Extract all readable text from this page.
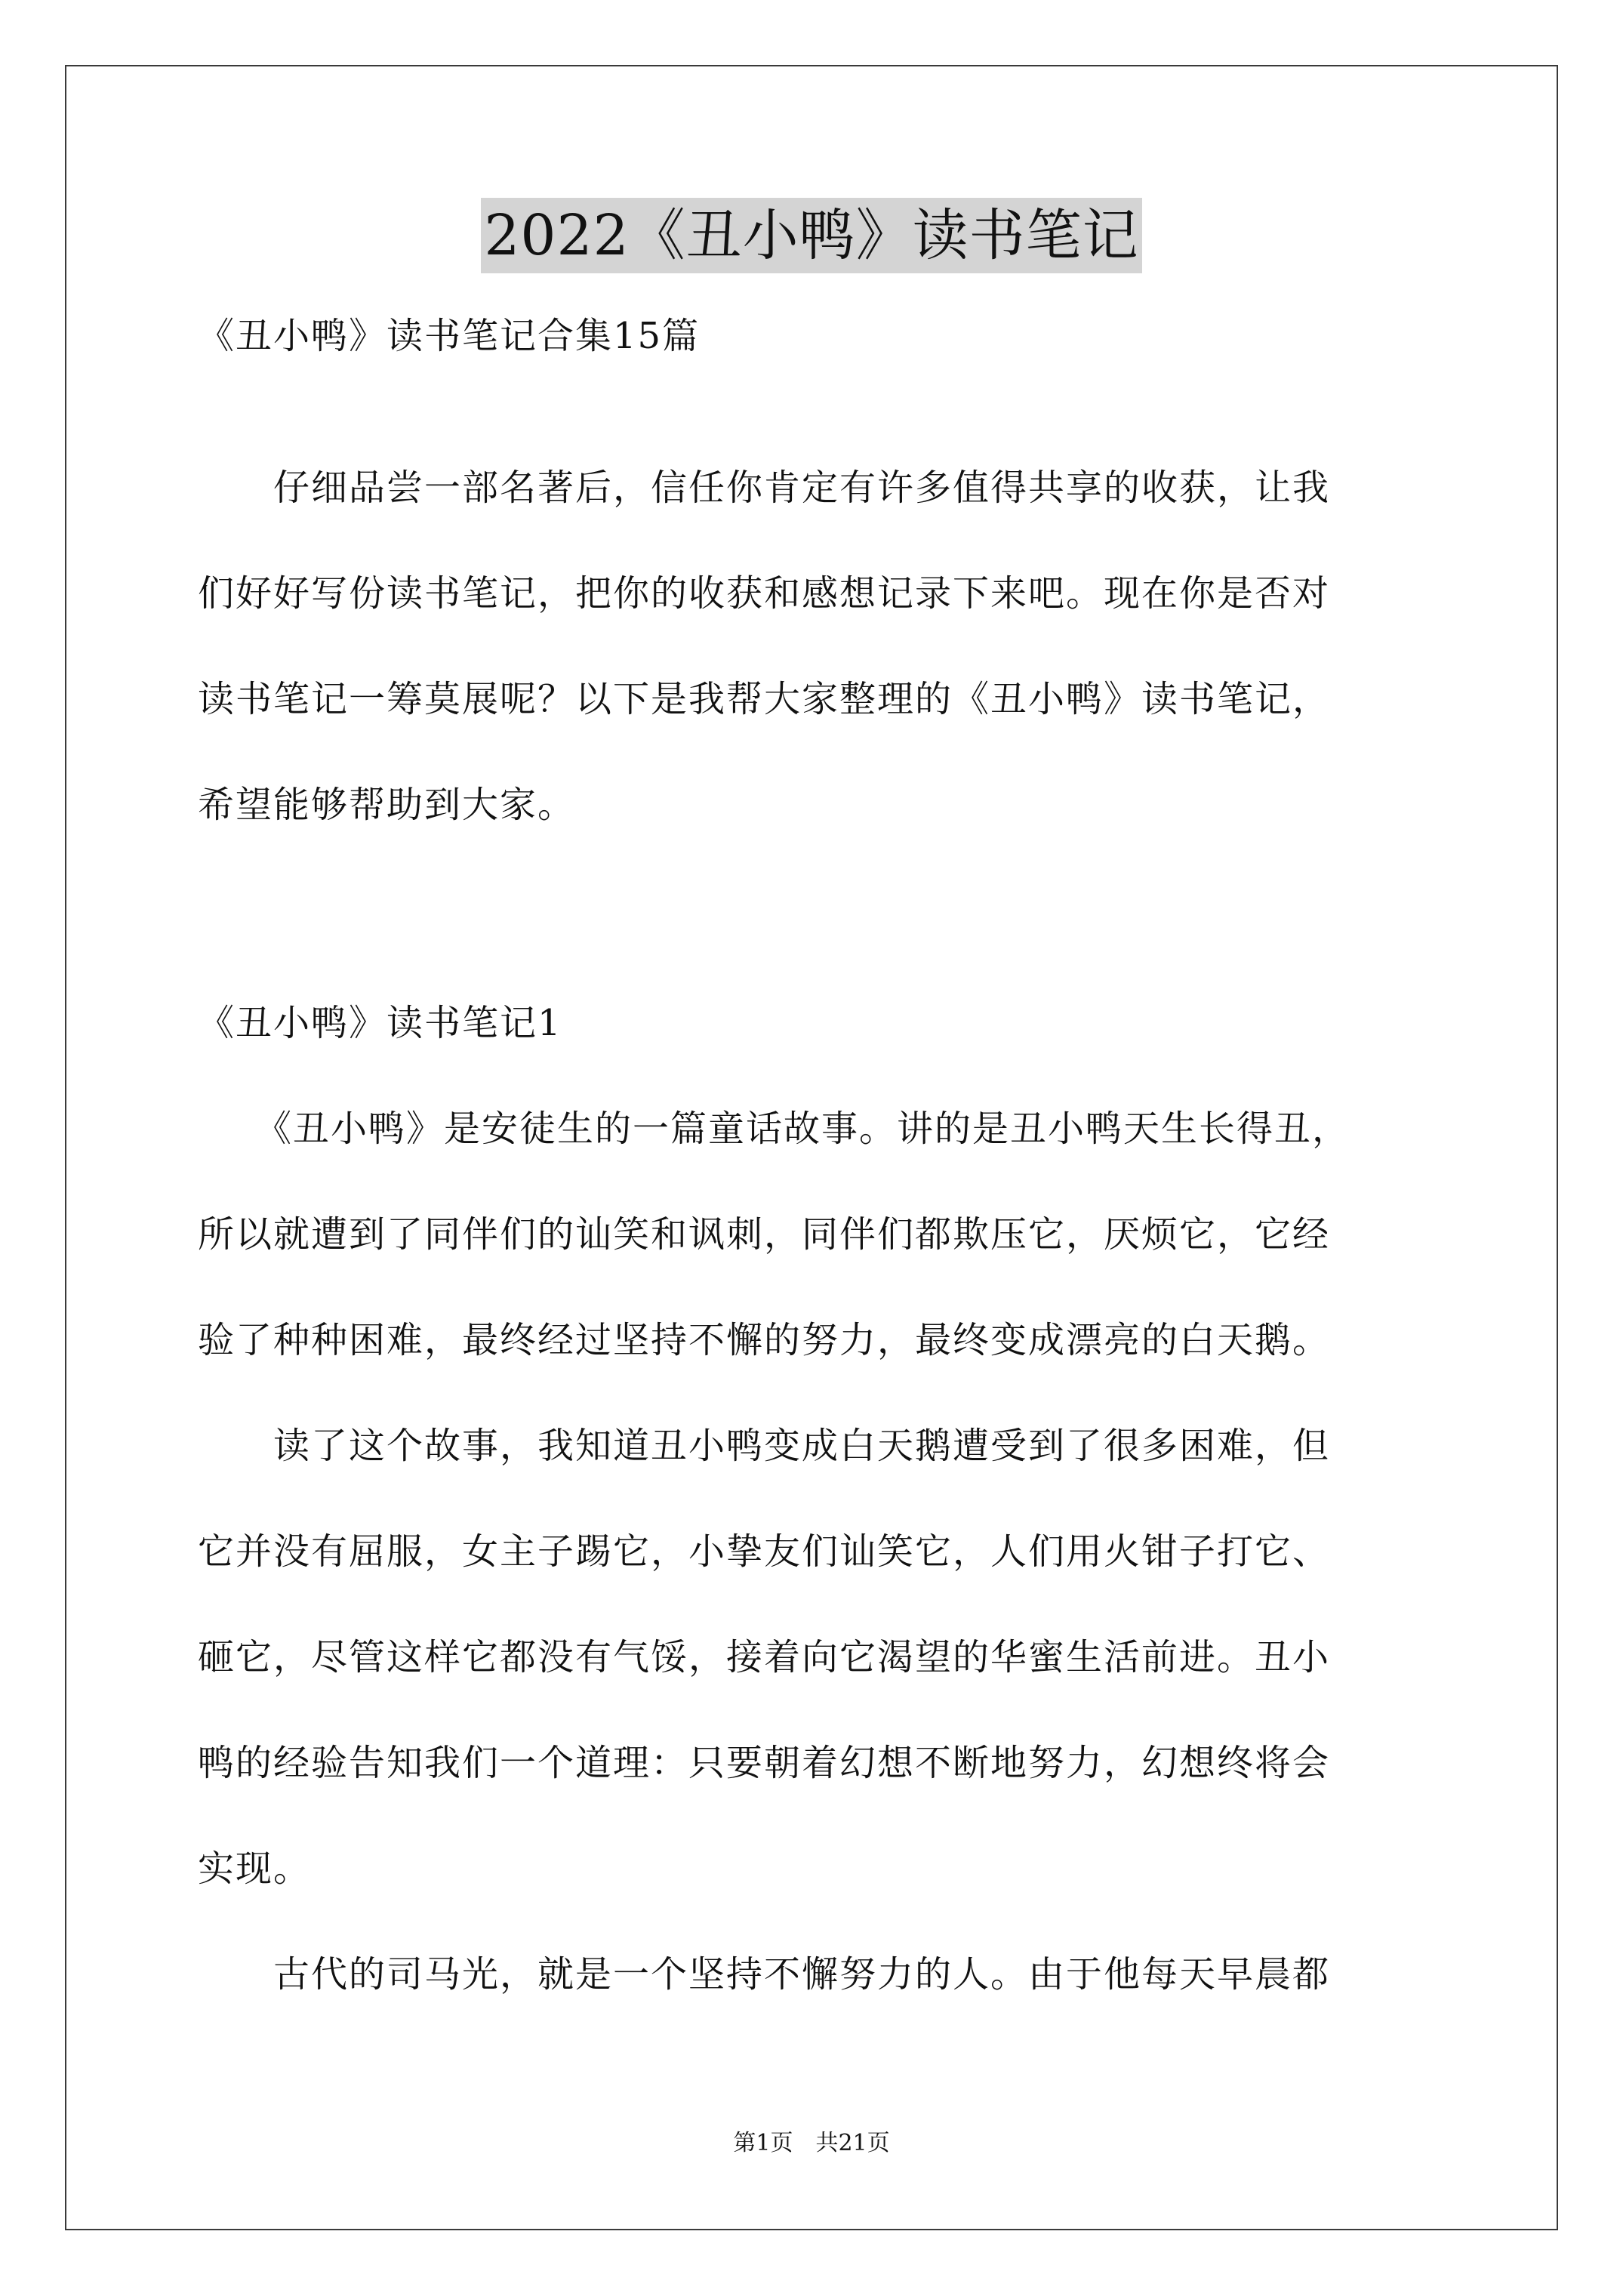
2022《丑小鸭》读书笔记
《丑小鸭》读书笔记合集15篇
　　仔细品尝一部名著后，信任你肯定有许多值得共享的收获，让我
们好好写份读书笔记，把你的收获和感想记录下来吧。现在你是否对
读书笔记一筹莫展呢？以下是我帮大家整理的《丑小鸭》读书笔记，
希望能够帮助到大家。
《丑小鸭》读书笔记1
　　《丑小鸭》是安徒生的一篇童话故事。讲的是丑小鸭天生长得丑，
所以就遭到了同伴们的讪笑和讽刺，同伴们都欺压它，厌烦它，它经
验了种种困难，最终经过坚持不懈的努力，最终变成漂亮的白天鹅。
　　读了这个故事，我知道丑小鸭变成白天鹅遭受到了很多困难，但
它并没有屈服，女主子踢它，小挚友们讪笑它，人们用火钳子打它、
砸它，尽管这样它都没有气馁，接着向它渴望的华蜜生活前进。丑小
鸭的经验告知我们一个道理：只要朝着幻想不断地努力，幻想终将会
实现。
　　古代的司马光，就是一个坚持不懈努力的人。由于他每天早晨都
第1页　共21页
